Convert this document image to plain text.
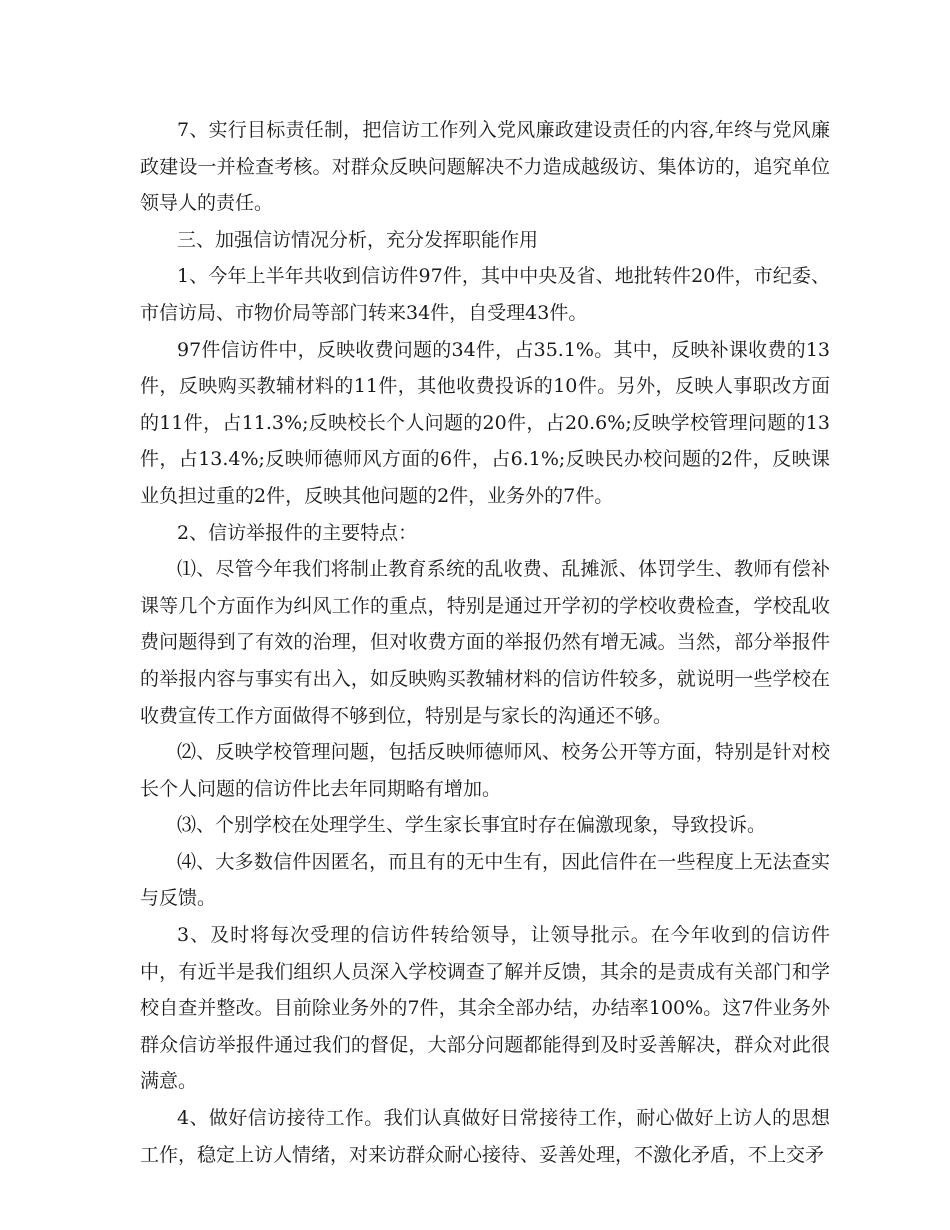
7、实行目标责任制，把信访工作列入党风廉政建设责任的内容,年终与党风廉政建设一并检查考核。对群众反映问题解决不力造成越级访、集体访的，追究单位领导人的责任。

三、加强信访情况分析，充分发挥职能作用

1、今年上半年共收到信访件97件，其中中央及省、地批转件20件，市纪委、市信访局、市物价局等部门转来34件，自受理43件。

97件信访件中，反映收费问题的34件，占35.1%。其中，反映补课收费的13件，反映购买教辅材料的11件，其他收费投诉的10件。另外，反映人事职改方面的11件，占11.3%;反映校长个人问题的20件，占20.6%;反映学校管理问题的13件，占13.4%;反映师德师风方面的6件，占6.1%;反映民办校问题的2件，反映课业负担过重的2件，反映其他问题的2件，业务外的7件。

2、信访举报件的主要特点：

⑴、尽管今年我们将制止教育系统的乱收费、乱摊派、体罚学生、教师有偿补课等几个方面作为纠风工作的重点，特别是通过开学初的学校收费检查，学校乱收费问题得到了有效的治理，但对收费方面的举报仍然有增无减。当然，部分举报件的举报内容与事实有出入，如反映购买教辅材料的信访件较多，就说明一些学校在收费宣传工作方面做得不够到位，特别是与家长的沟通还不够。

⑵、反映学校管理问题，包括反映师德师风、校务公开等方面，特别是针对校长个人问题的信访件比去年同期略有增加。

⑶、个别学校在处理学生、学生家长事宜时存在偏激现象，导致投诉。

⑷、大多数信件因匿名，而且有的无中生有，因此信件在一些程度上无法查实与反馈。

3、及时将每次受理的信访件转给领导，让领导批示。在今年收到的信访件中，有近半是我们组织人员深入学校调查了解并反馈，其余的是责成有关部门和学校自查并整改。目前除业务外的7件，其余全部办结，办结率100%。这7件业务外群众信访举报件通过我们的督促，大部分问题都能得到及时妥善解决，群众对此很满意。

4、做好信访接待工作。我们认真做好日常接待工作，耐心做好上访人的思想工作，稳定上访人情绪，对来访群众耐心接待、妥善处理，不激化矛盾，不上交矛
